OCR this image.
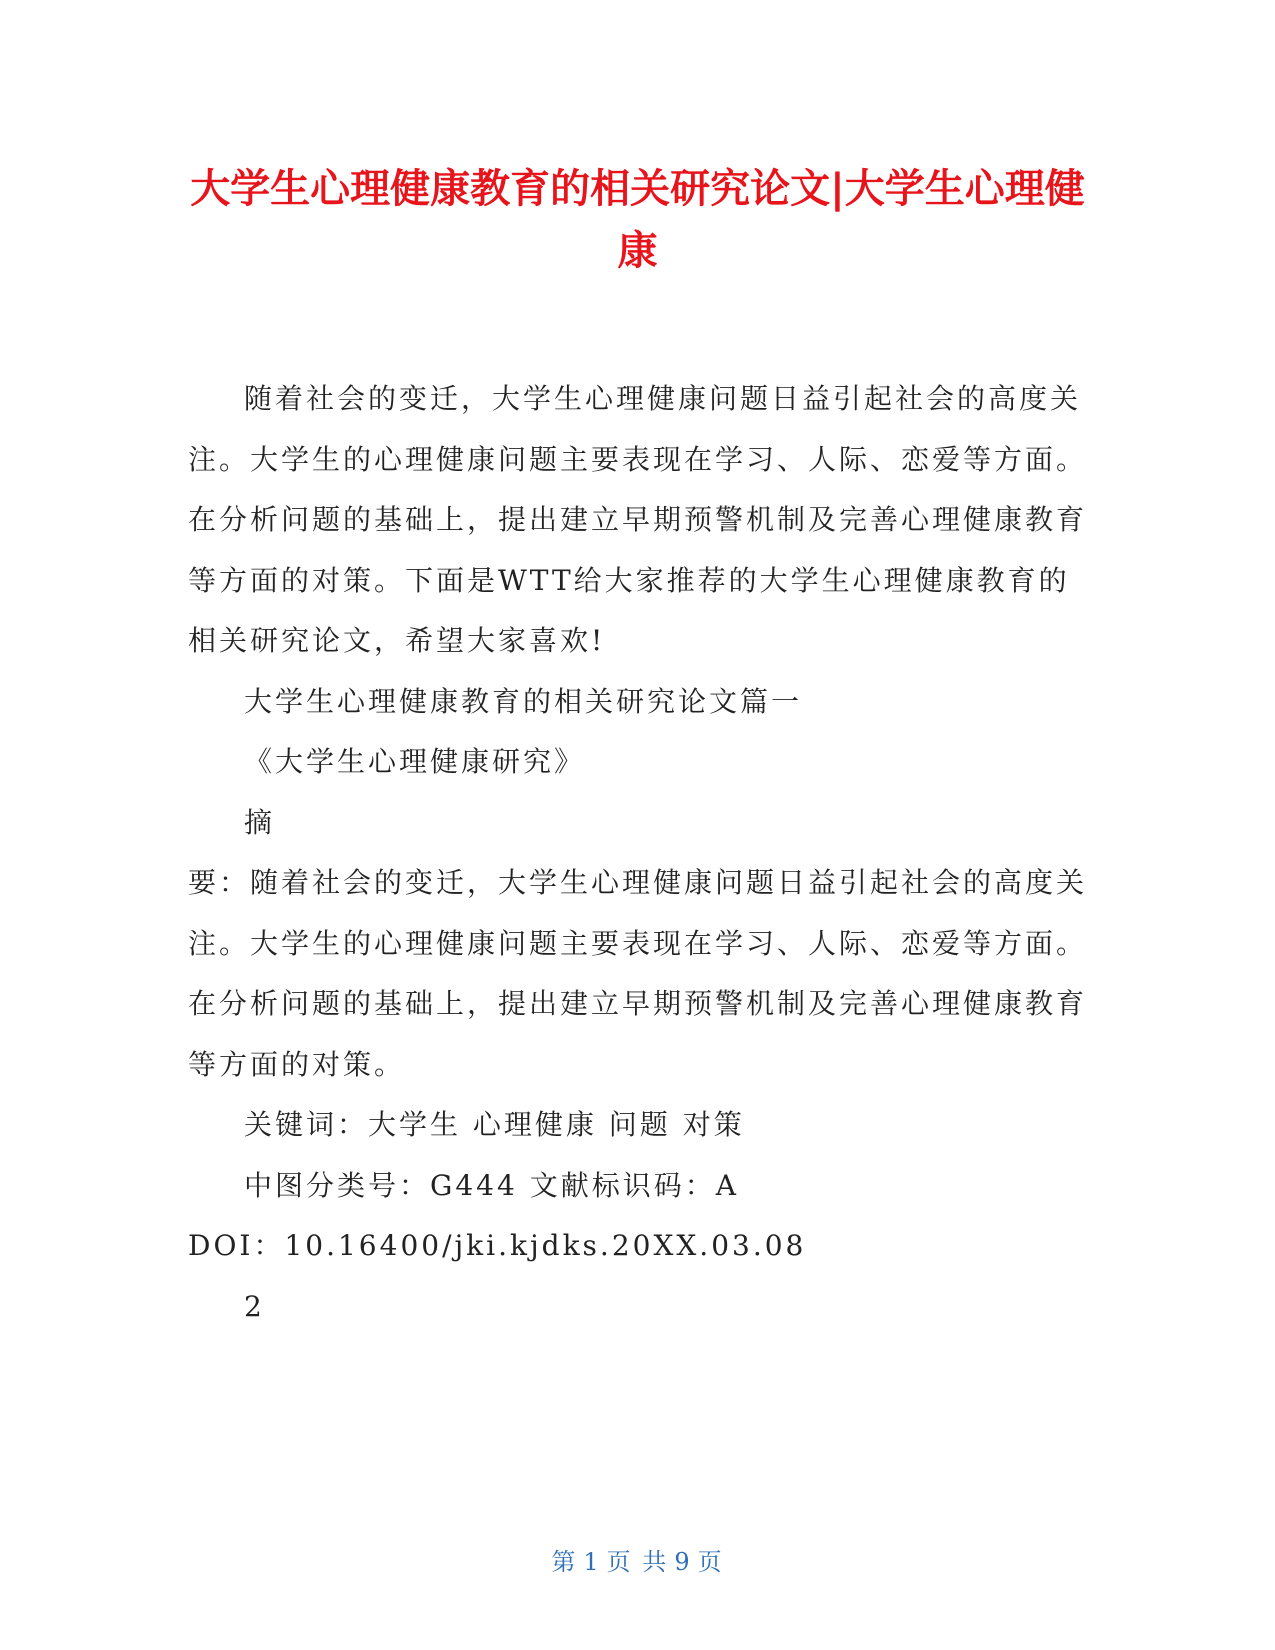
大学生心理健康教育的相关研究论文|大学生心理健康

随着社会的变迁，大学生心理健康问题日益引起社会的高度关注。大学生的心理健康问题主要表现在学习、人际、恋爱等方面。在分析问题的基础上，提出建立早期预警机制及完善心理健康教育等方面的对策。下面是WTT给大家推荐的大学生心理健康教育的相关研究论文，希望大家喜欢!

大学生心理健康教育的相关研究论文篇一

《大学生心理健康研究》

摘

要：随着社会的变迁，大学生心理健康问题日益引起社会的高度关注。大学生的心理健康问题主要表现在学习、人际、恋爱等方面。在分析问题的基础上，提出建立早期预警机制及完善心理健康教育等方面的对策。

关键词：大学生 心理健康 问题 对策

中图分类号：G444 文献标识码：A

DOI：10.16400/jki.kjdks.20XX.03.08

2

第 1 页 共 9 页
